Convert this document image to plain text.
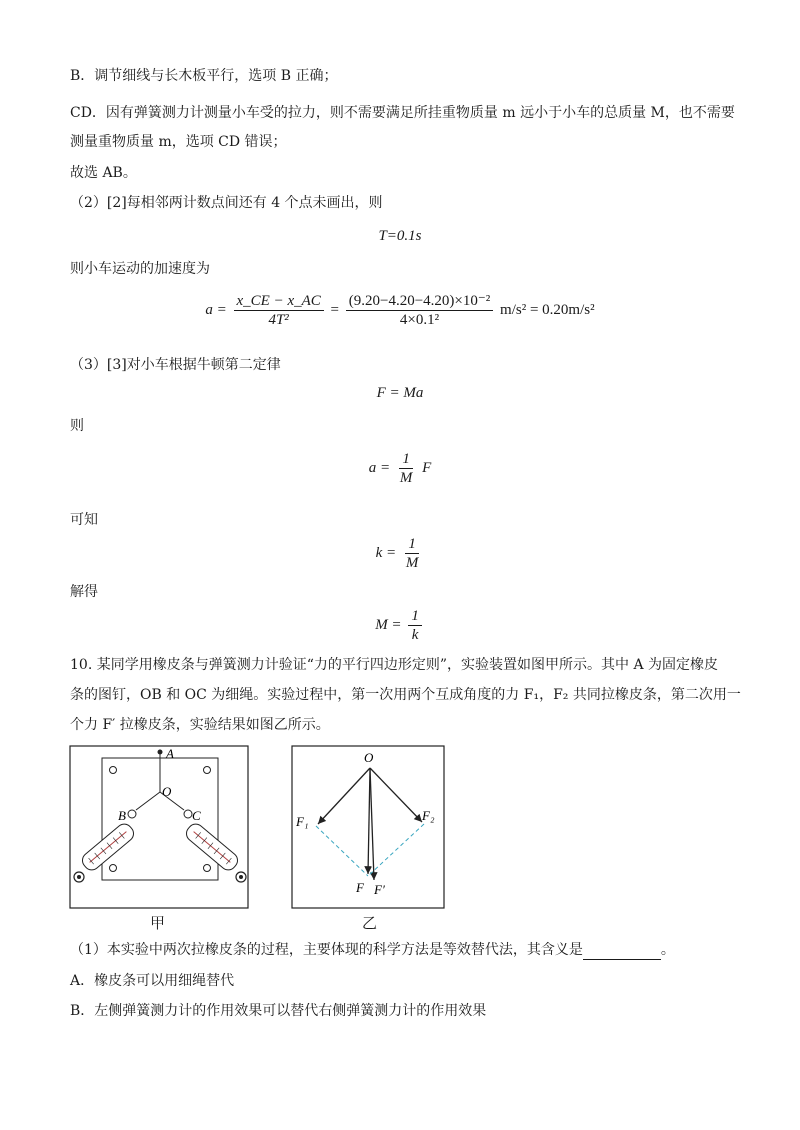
B．调节细线与长木板平行，选项 B 正确；
CD．因有弹簧测力计测量小车受的拉力，则不需要满足所挂重物质量 m 远小于小车的总质量 M，也不需要
测量重物质量 m，选项 CD 错误；
故选 AB。
（2）[2]每相邻两计数点间还有 4 个点未画出，则
T=0.1s
则小车运动的加速度为
$a = \frac{x\_CE - x\_AC}{\text{4T²}} = \frac{\text{(9.20−4.20−4.20)×10⁻²}}{\text{4×0.1²}} m/s^2 = 0.20m/s^2$
（3）[3]对小车根据牛顿第二定律
F = Ma
则
$a = \frac{1}{M}$ F
可知
$k = \frac{1}{M}$
解得
$M = \frac{1}{k}$
10. 某同学用橡皮条与弹簧测力计验证“力的平行四边形定则”，实验装置如图甲所示。其中 A 为固定橡皮
条的图钉，OB 和 OC 为细绳。实验过程中，第一次用两个互成角度的力 F₁，F₂ 共同拉橡皮条，第二次用一
个力 F′ 拉橡皮条，实验结果如图乙所示。
A
O
B	C
甲
O
F₁	F₂
F F′
乙
（1）本实验中两次拉橡皮条的过程，主要体现的科学方法是等效替代法，其含义是	。
A．橡皮条可以用细绳替代
B．左侧弹簧测力计的作用效果可以替代右侧弹簧测力计的作用效果
